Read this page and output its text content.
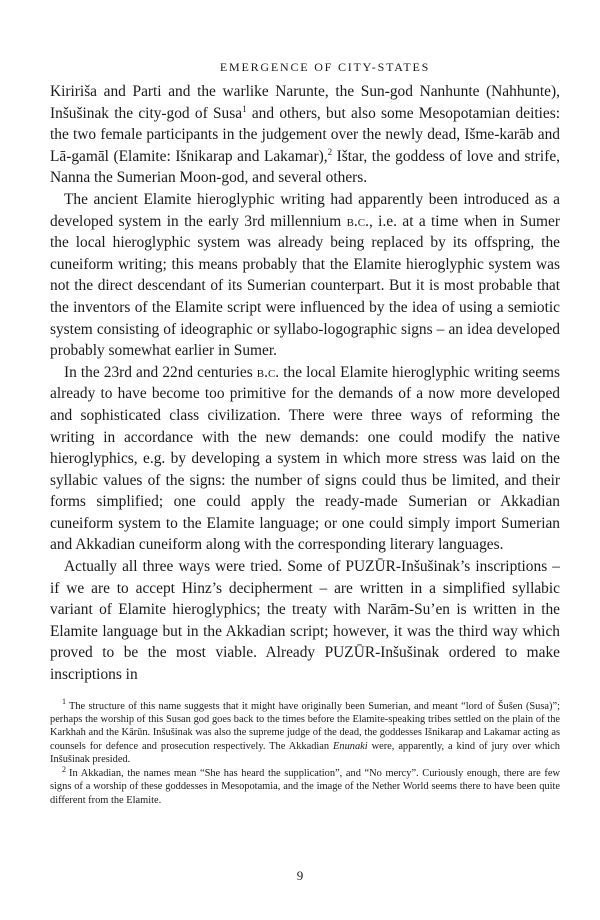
EMERGENCE OF CITY-STATES

Kiririša and Parti and the warlike Narunte, the Sun-god Nanhunte (Nahhunte), Inšušinak the city-god of Susa$^1$ and others, but also some Mesopotamian deities: the two female participants in the judgement over the newly dead, Išme-karāb and Lā-gamāl (Elamite: Išnikarap and Lakamar),$^2$ Ištar, the goddess of love and strife, Nanna the Sumerian Moon-god, and several others.

The ancient Elamite hieroglyphic writing had apparently been introduced as a developed system in the early 3rd millennium b.c., i.e. at a time when in Sumer the local hieroglyphic system was already being replaced by its offspring, the cuneiform writing; this means probably that the Elamite hieroglyphic system was not the direct descendant of its Sumerian counterpart. But it is most probable that the inventors of the Elamite script were influenced by the idea of using a semiotic system consisting of ideographic or syllabo-logographic signs – an idea developed probably somewhat earlier in Sumer.

In the 23rd and 22nd centuries b.c. the local Elamite hieroglyphic writing seems already to have become too primitive for the demands of a now more developed and sophisticated class civilization. There were three ways of reforming the writing in accordance with the new demands: one could modify the native hieroglyphics, e.g. by developing a system in which more stress was laid on the syllabic values of the signs: the number of signs could thus be limited, and their forms simplified; one could apply the ready-made Sumerian or Akkadian cuneiform system to the Elamite language; or one could simply import Sumerian and Akkadian cuneiform along with the corresponding literary languages.

Actually all three ways were tried. Some of PUZŪR-Inšušinak’s inscriptions – if we are to accept Hinz’s decipherment – are written in a simplified syllabic variant of Elamite hieroglyphics; the treaty with Narām-Su’en is written in the Elamite language but in the Akkadian script; however, it was the third way which proved to be the most viable. Already PUZŪR-Inšušinak ordered to make inscriptions in

$^1$ The structure of this name suggests that it might have originally been Sumerian, and meant “lord of Šušen (Susa)”; perhaps the worship of this Susan god goes back to the times before the Elamite-speaking tribes settled on the plain of the Karkhah and the Kārūn. Inšušinak was also the supreme judge of the dead, the goddesses Išnikarap and Lakamar acting as counsels for defence and prosecution respectively. The Akkadian Enunaki were, apparently, a kind of jury over which Inšušinak presided.

$^2$ In Akkadian, the names mean “She has heard the supplication”, and “No mercy”. Curiously enough, there are few signs of a worship of these goddesses in Mesopotamia, and the image of the Nether World seems there to have been quite different from the Elamite.

9
